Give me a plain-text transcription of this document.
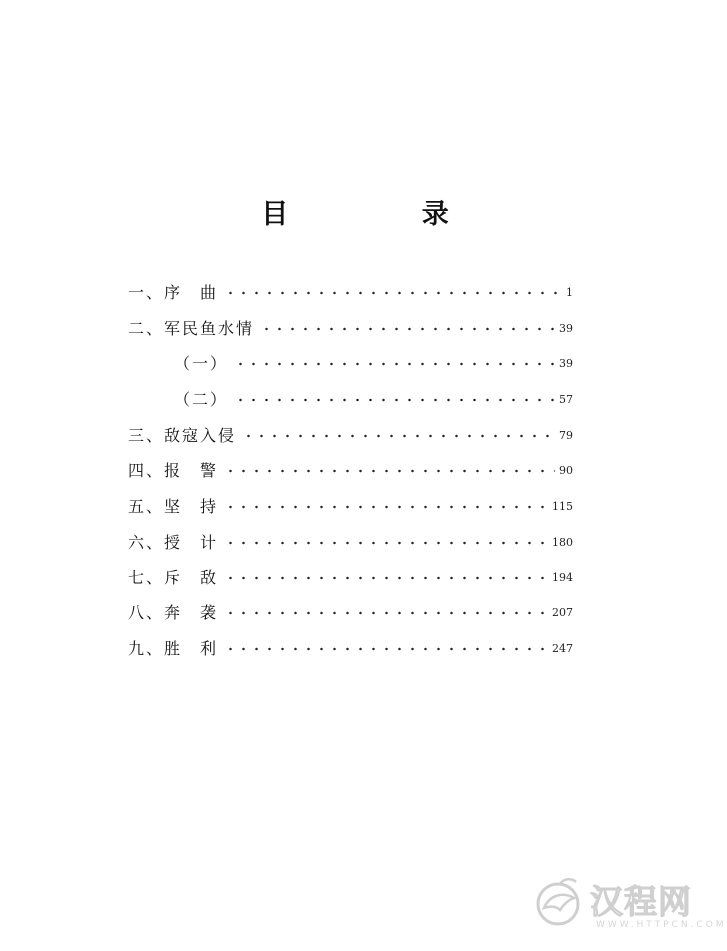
目 录
一、序　曲	1
二、军民鱼水情	39
（一）	39
（二）	57
三、敌寇入侵	79
四、报　警	90
五、坚　持	115
六、授　计	180
七、斥　敌	194
八、奔　袭	207
九、胜　利	247
汉程网
WWW.HTTPCN.COM
